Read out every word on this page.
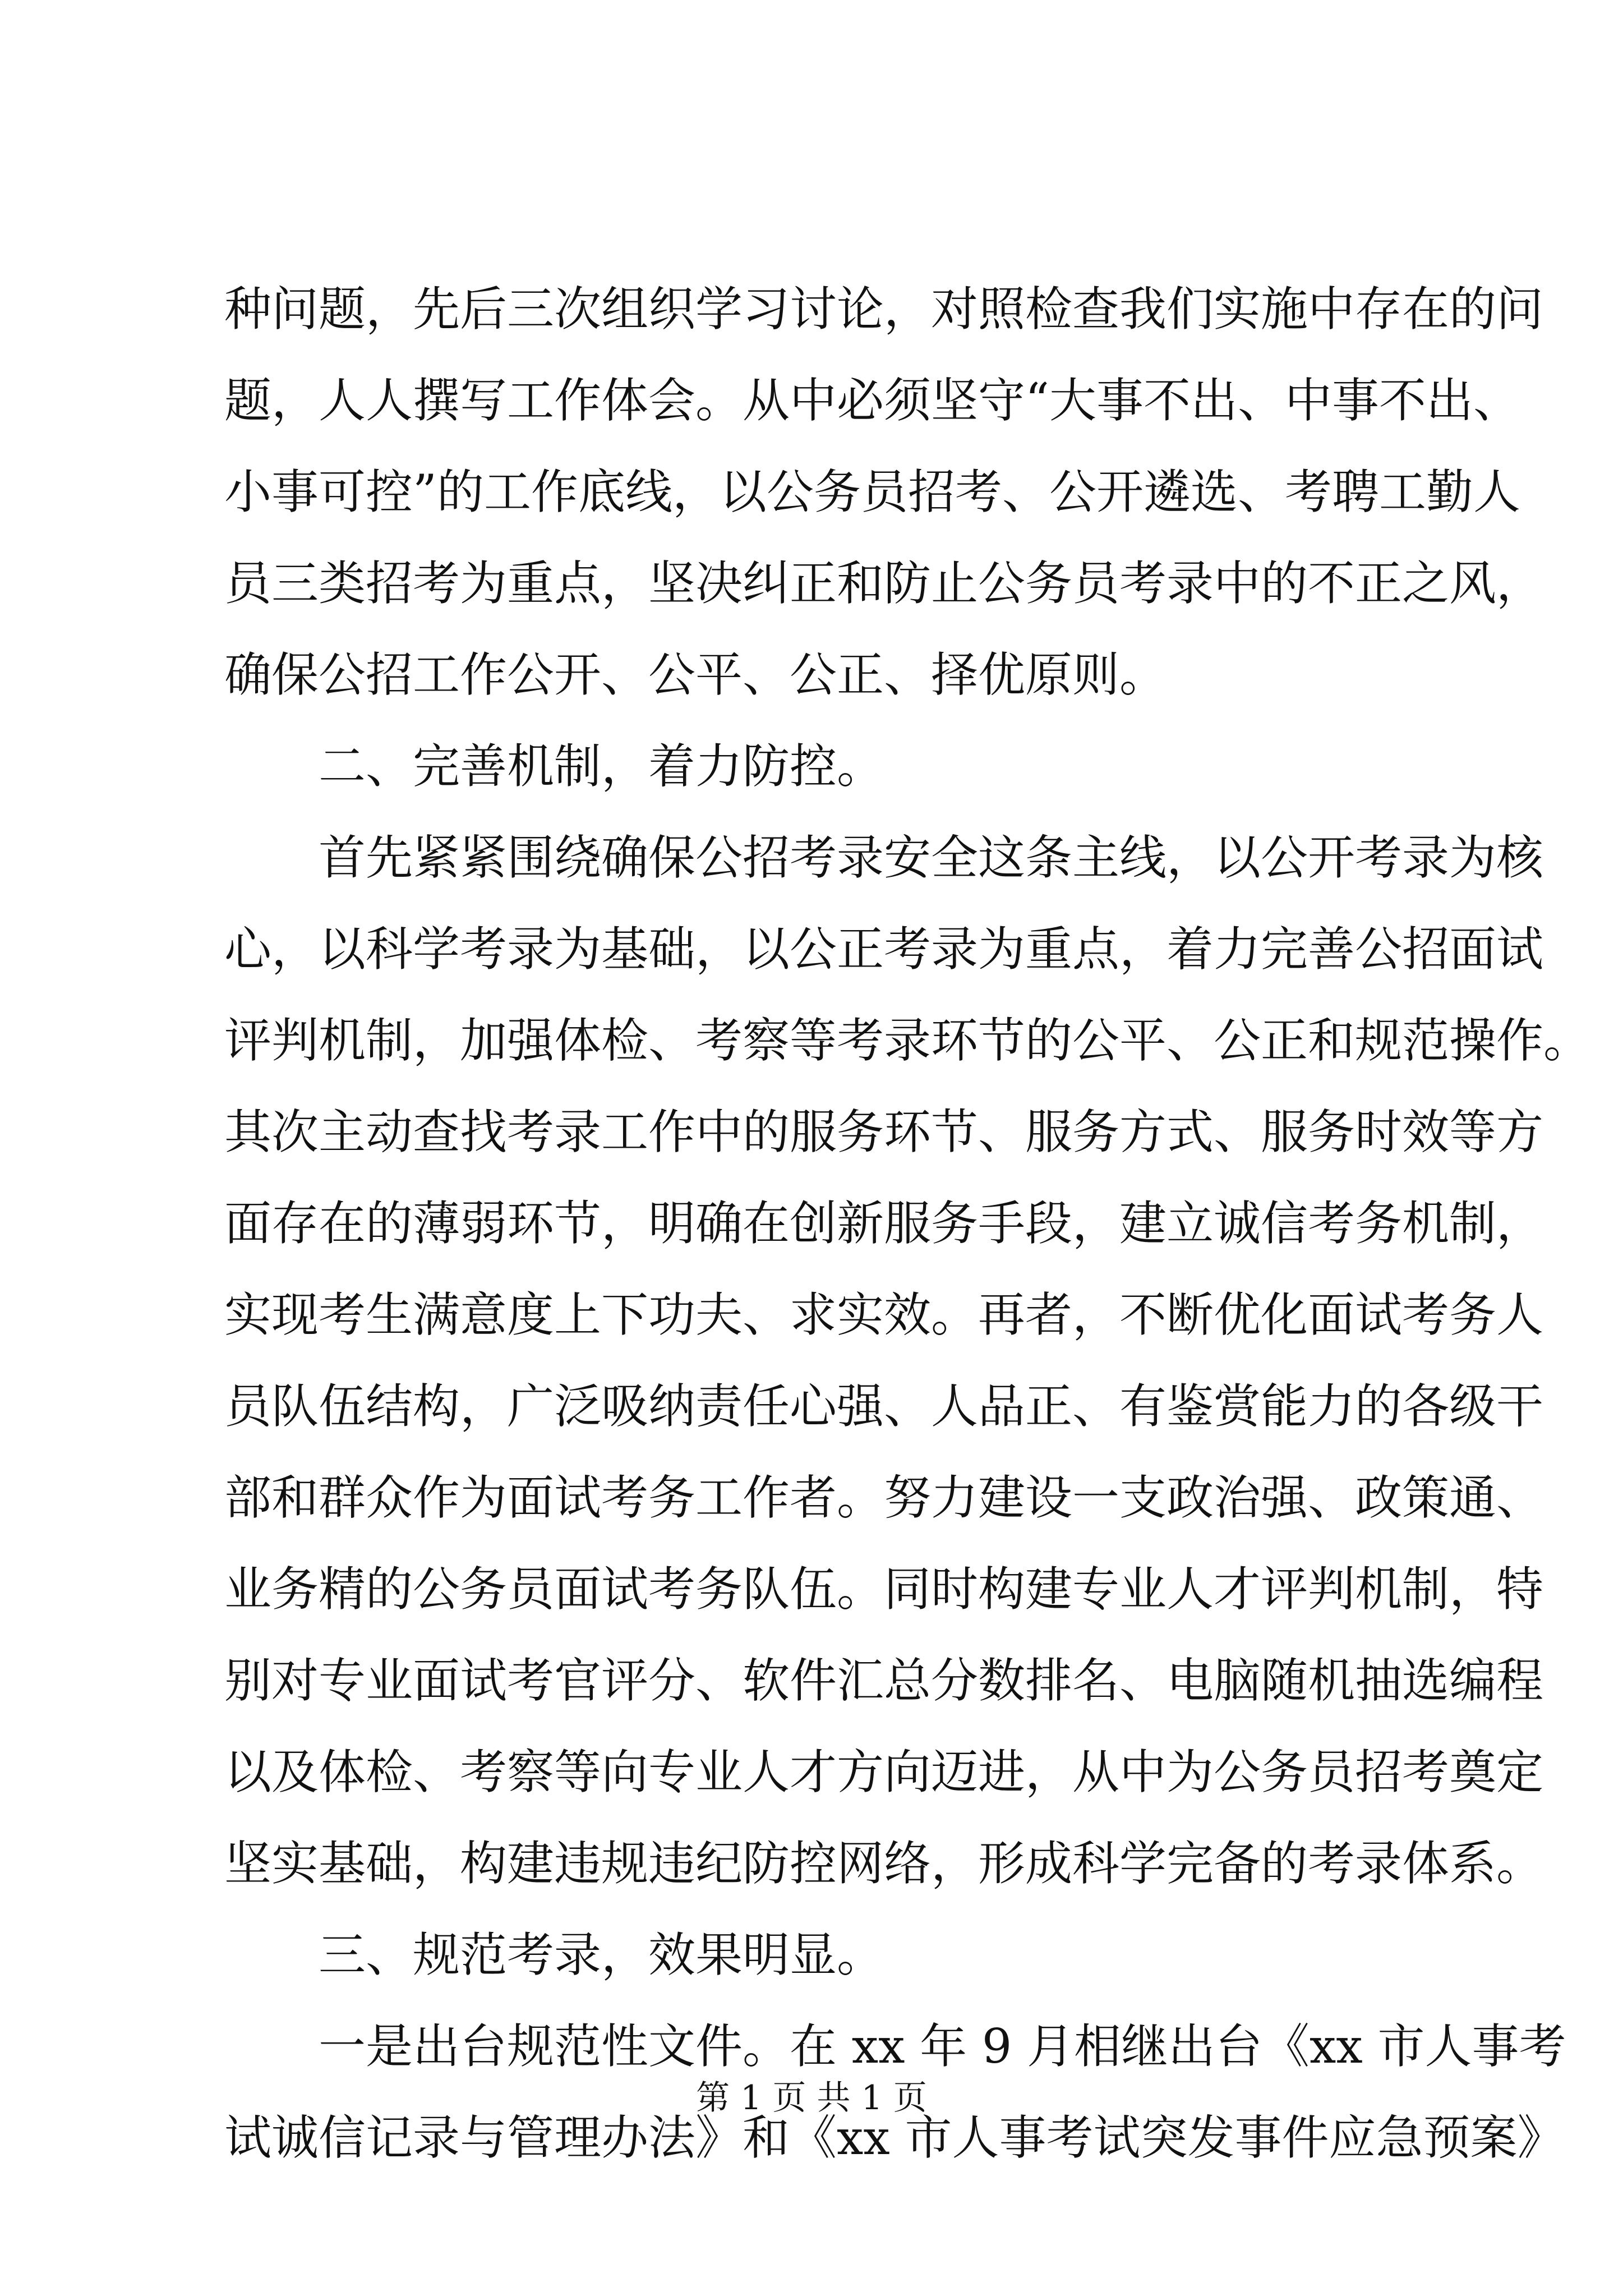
种问题，先后三次组织学习讨论，对照检查我们实施中存在的问
题，人人撰写工作体会。从中必须坚守“大事不出、中事不出、
小事可控”的工作底线，以公务员招考、公开遴选、考聘工勤人
员三类招考为重点，坚决纠正和防止公务员考录中的不正之风，
确保公招工作公开、公平、公正、择优原则。
二、完善机制，着力防控。
首先紧紧围绕确保公招考录安全这条主线，以公开考录为核
心，以科学考录为基础，以公正考录为重点，着力完善公招面试
评判机制，加强体检、考察等考录环节的公平、公正和规范操作。
其次主动查找考录工作中的服务环节、服务方式、服务时效等方
面存在的薄弱环节，明确在创新服务手段，建立诚信考务机制，
实现考生满意度上下功夫、求实效。再者，不断优化面试考务人
员队伍结构，广泛吸纳责任心强、人品正、有鉴赏能力的各级干
部和群众作为面试考务工作者。努力建设一支政治强、政策通、
业务精的公务员面试考务队伍。同时构建专业人才评判机制，特
别对专业面试考官评分、软件汇总分数排名、电脑随机抽选编程
以及体检、考察等向专业人才方向迈进，从中为公务员招考奠定
坚实基础，构建违规违纪防控网络，形成科学完备的考录体系。
三、规范考录，效果明显。
一是出台规范性文件。在 xx 年 9 月相继出台《xx 市人事考
试诚信记录与管理办法》和《xx 市人事考试突发事件应急预案》
第 1 页 共 1 页
